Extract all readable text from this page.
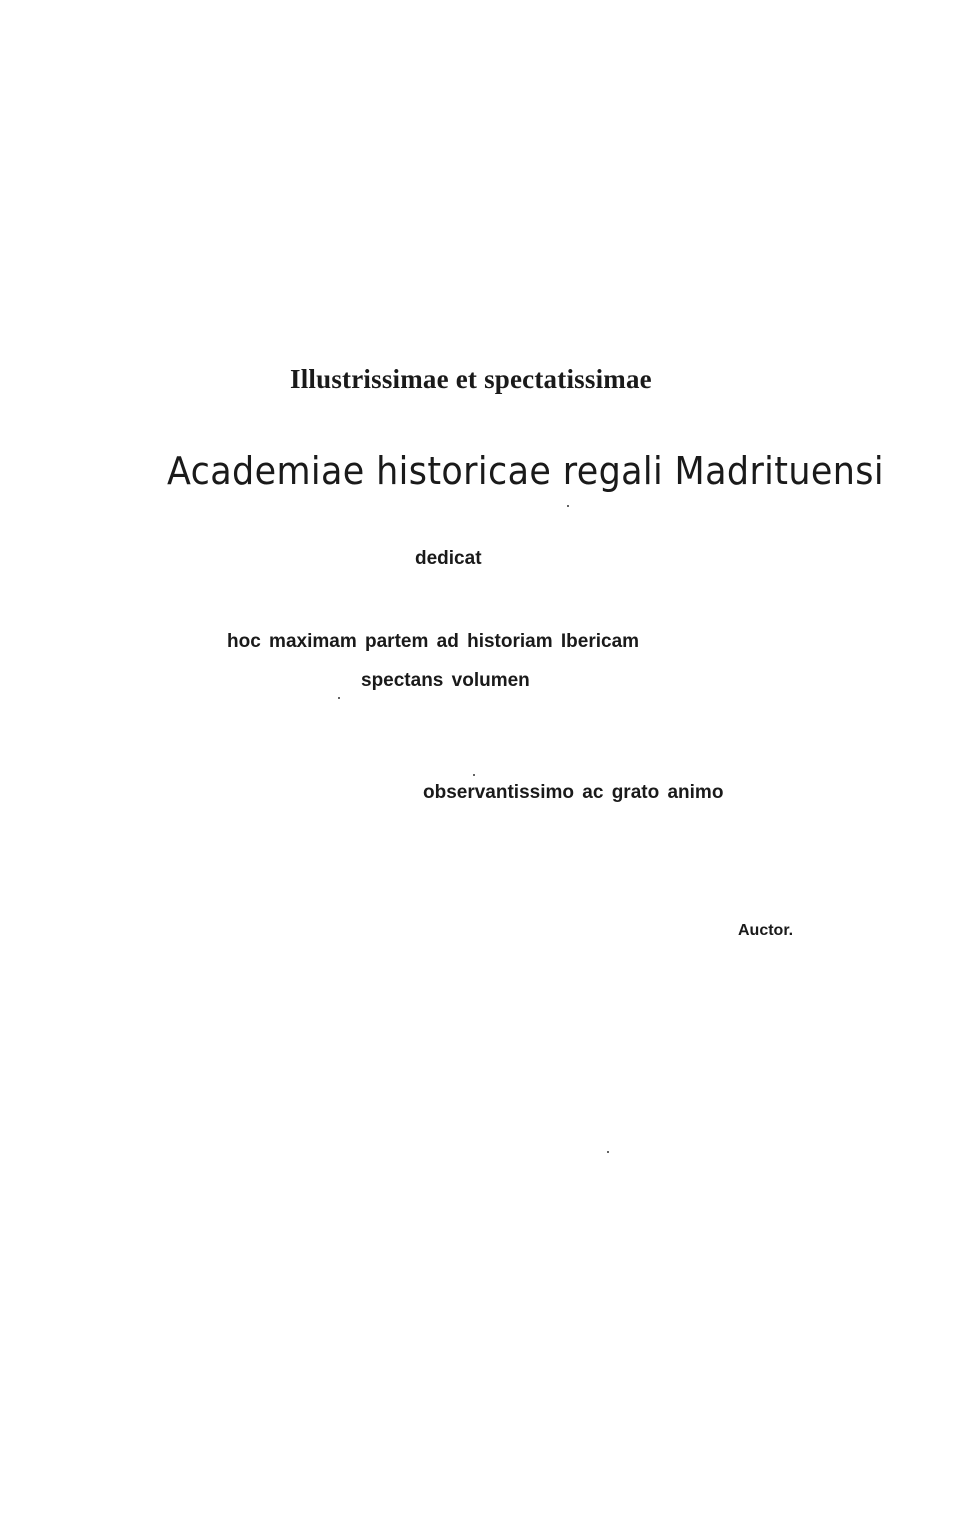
Illustrissimae et spectatissimae
Academiae historicae regali Madrituensi
dedicat
hoc maximam partem ad historiam Ibericam
spectans volumen
observantissimo ac grato animo
Auctor.
